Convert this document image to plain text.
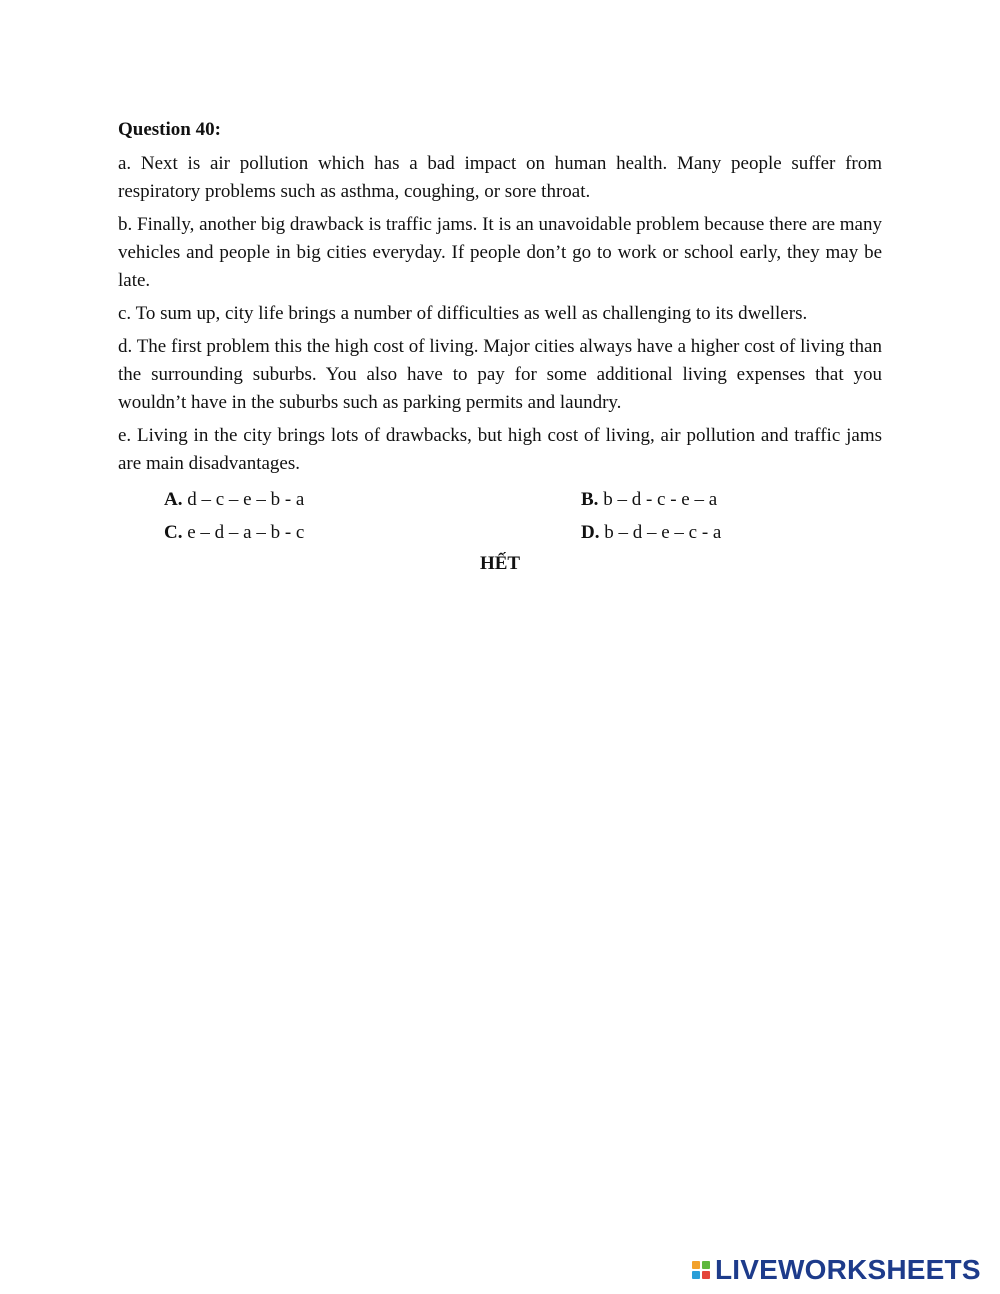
Question 40:

a. Next is air pollution which has a bad impact on human health. Many people suffer from respiratory problems such as asthma, coughing, or sore throat.

b. Finally, another big drawback is traffic jams. It is an unavoidable problem because there are many vehicles and people in big cities everyday. If people don’t go to work or school early, they may be late.

c. To sum up, city life brings a number of difficulties as well as challenging to its dwellers.

d. The first problem this the high cost of living. Major cities always have a higher cost of living than the surrounding suburbs. You also have to pay for some additional living expenses that you wouldn’t have in the suburbs such as parking permits and laundry.

e. Living in the city brings lots of drawbacks, but high cost of living, air pollution and traffic jams are main disadvantages.

A. d – c – e – b - a	B. b – d - c - e – a
C. e – d – a – b - c	D. b – d – e – c - a
HẾT
LIVEWORKSHEETS
